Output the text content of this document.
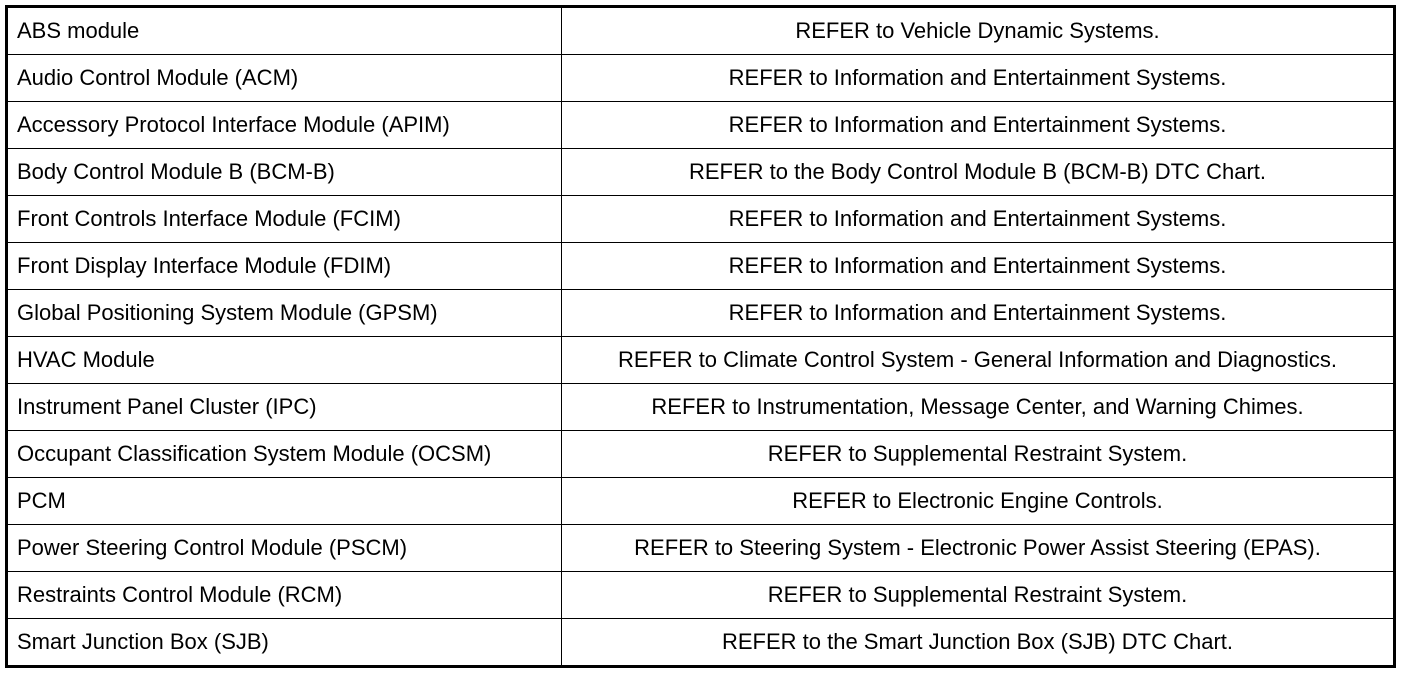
ABS module	REFER to Vehicle Dynamic Systems.
Audio Control Module (ACM)	REFER to Information and Entertainment Systems.
Accessory Protocol Interface Module (APIM)	REFER to Information and Entertainment Systems.
Body Control Module B (BCM-B)	REFER to the Body Control Module B (BCM-B) DTC Chart.
Front Controls Interface Module (FCIM)	REFER to Information and Entertainment Systems.
Front Display Interface Module (FDIM)	REFER to Information and Entertainment Systems.
Global Positioning System Module (GPSM)	REFER to Information and Entertainment Systems.
HVAC Module	REFER to Climate Control System - General Information and Diagnostics.
Instrument Panel Cluster (IPC)	REFER to Instrumentation, Message Center, and Warning Chimes.
Occupant Classification System Module (OCSM)	REFER to Supplemental Restraint System.
PCM	REFER to Electronic Engine Controls.
Power Steering Control Module (PSCM)	REFER to Steering System - Electronic Power Assist Steering (EPAS).
Restraints Control Module (RCM)	REFER to Supplemental Restraint System.
Smart Junction Box (SJB)	REFER to the Smart Junction Box (SJB) DTC Chart.
